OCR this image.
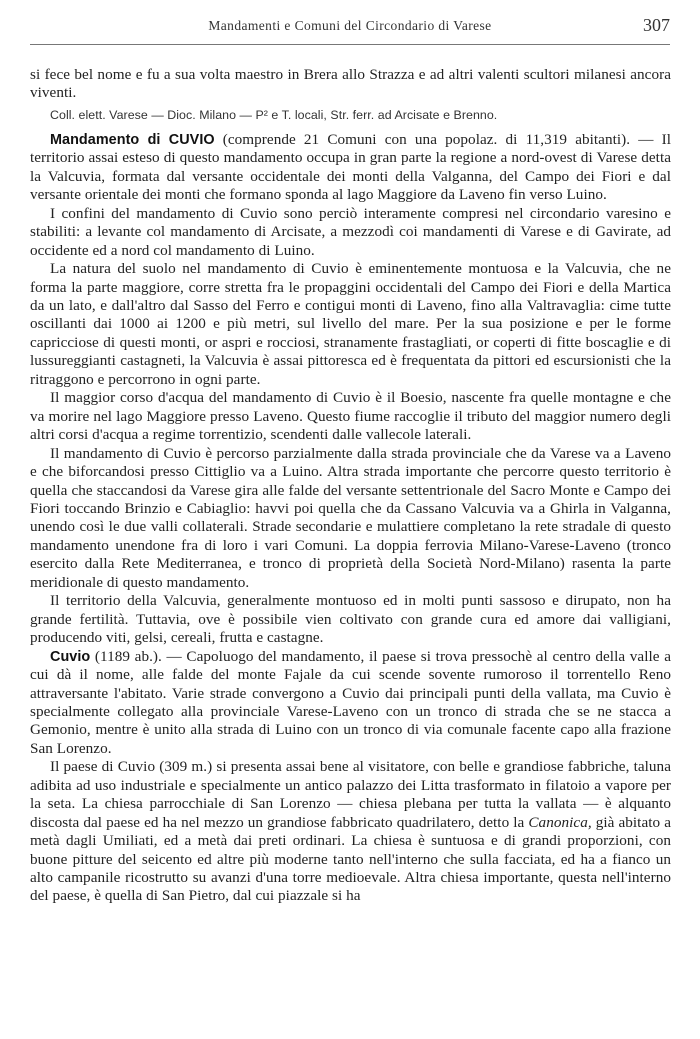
Mandamenti e Comuni del Circondario di Varese	307

si fece bel nome e fu a sua volta maestro in Brera allo Strazza e ad altri valenti scultori milanesi ancora viventi.

Coll. elett. Varese — Dioc. Milano — P² e T. locali, Str. ferr. ad Arcisate e Brenno.

Mandamento di CUVIO (comprende 21 Comuni con una popolaz. di 11,319 abitanti). — Il territorio assai esteso di questo mandamento occupa in gran parte la regione a nord-ovest di Varese detta la Valcuvia, formata dal versante occidentale dei monti della Valganna, del Campo dei Fiori e dal versante orientale dei monti che formano sponda al lago Maggiore da Laveno fin verso Luino.

I confini del mandamento di Cuvio sono perciò interamente compresi nel circondario varesino e stabiliti: a levante col mandamento di Arcisate, a mezzodì coi mandamenti di Varese e di Gavirate, ad occidente ed a nord col mandamento di Luino.

La natura del suolo nel mandamento di Cuvio è eminentemente montuosa e la Valcuvia, che ne forma la parte maggiore, corre stretta fra le propaggini occidentali del Campo dei Fiori e della Martica da un lato, e dall'altro dal Sasso del Ferro e contigui monti di Laveno, fino alla Valtravaglia: cime tutte oscillanti dai 1000 ai 1200 e più metri, sul livello del mare. Per la sua posizione e per le forme capricciose di questi monti, or aspri e rocciosi, stranamente frastagliati, or coperti di fitte boscaglie e di lussureggianti castagneti, la Valcuvia è assai pittoresca ed è frequentata da pittori ed escursionisti che la ritraggono e percorrono in ogni parte.

Il maggior corso d'acqua del mandamento di Cuvio è il Boesio, nascente fra quelle montagne e che va morire nel lago Maggiore presso Laveno. Questo fiume raccoglie il tributo del maggior numero degli altri corsi d'acqua a regime torrentizio, scendenti dalle vallecole laterali.

Il mandamento di Cuvio è percorso parzialmente dalla strada provinciale che da Varese va a Laveno e che biforcandosi presso Cittiglio va a Luino. Altra strada importante che percorre questo territorio è quella che staccandosi da Varese gira alle falde del versante settentrionale del Sacro Monte e Campo dei Fiori toccando Brinzio e Cabiaglio: havvi poi quella che da Cassano Valcuvia va a Ghirla in Valganna, unendo così le due valli collaterali. Strade secondarie e mulattiere completano la rete stradale di questo mandamento unendone fra di loro i vari Comuni. La doppia ferrovia Milano-Varese-Laveno (tronco esercito dalla Rete Mediterranea, e tronco di proprietà della Società Nord-Milano) rasenta la parte meridionale di questo mandamento.

Il territorio della Valcuvia, generalmente montuoso ed in molti punti sassoso e dirupato, non ha grande fertilità. Tuttavia, ove è possibile vien coltivato con grande cura ed amore dai valligiani, producendo viti, gelsi, cereali, frutta e castagne.

Cuvio (1189 ab.). — Capoluogo del mandamento, il paese si trova pressochè al centro della valle a cui dà il nome, alle falde del monte Fajale da cui scende sovente rumoroso il torrentello Reno attraversante l'abitato. Varie strade convergono a Cuvio dai principali punti della vallata, ma Cuvio è specialmente collegato alla provinciale Varese-Laveno con un tronco di strada che se ne stacca a Gemonio, mentre è unito alla strada di Luino con un tronco di via comunale facente capo alla frazione San Lorenzo.

Il paese di Cuvio (309 m.) si presenta assai bene al visitatore, con belle e grandiose fabbriche, taluna adibita ad uso industriale e specialmente un antico palazzo dei Litta trasformato in filatoio a vapore per la seta. La chiesa parrocchiale di San Lorenzo — chiesa plebana per tutta la vallata — è alquanto discosta dal paese ed ha nel mezzo un grandiose fabbricato quadrilatero, detto la Canonica, già abitato a metà dagli Umiliati, ed a metà dai preti ordinari. La chiesa è suntuosa e di grandi proporzioni, con buone pitture del seicento ed altre più moderne tanto nell'interno che sulla facciata, ed ha a fianco un alto campanile ricostrutto su avanzi d'una torre medioevale. Altra chiesa importante, questa nell'interno del paese, è quella di San Pietro, dal cui piazzale si ha
